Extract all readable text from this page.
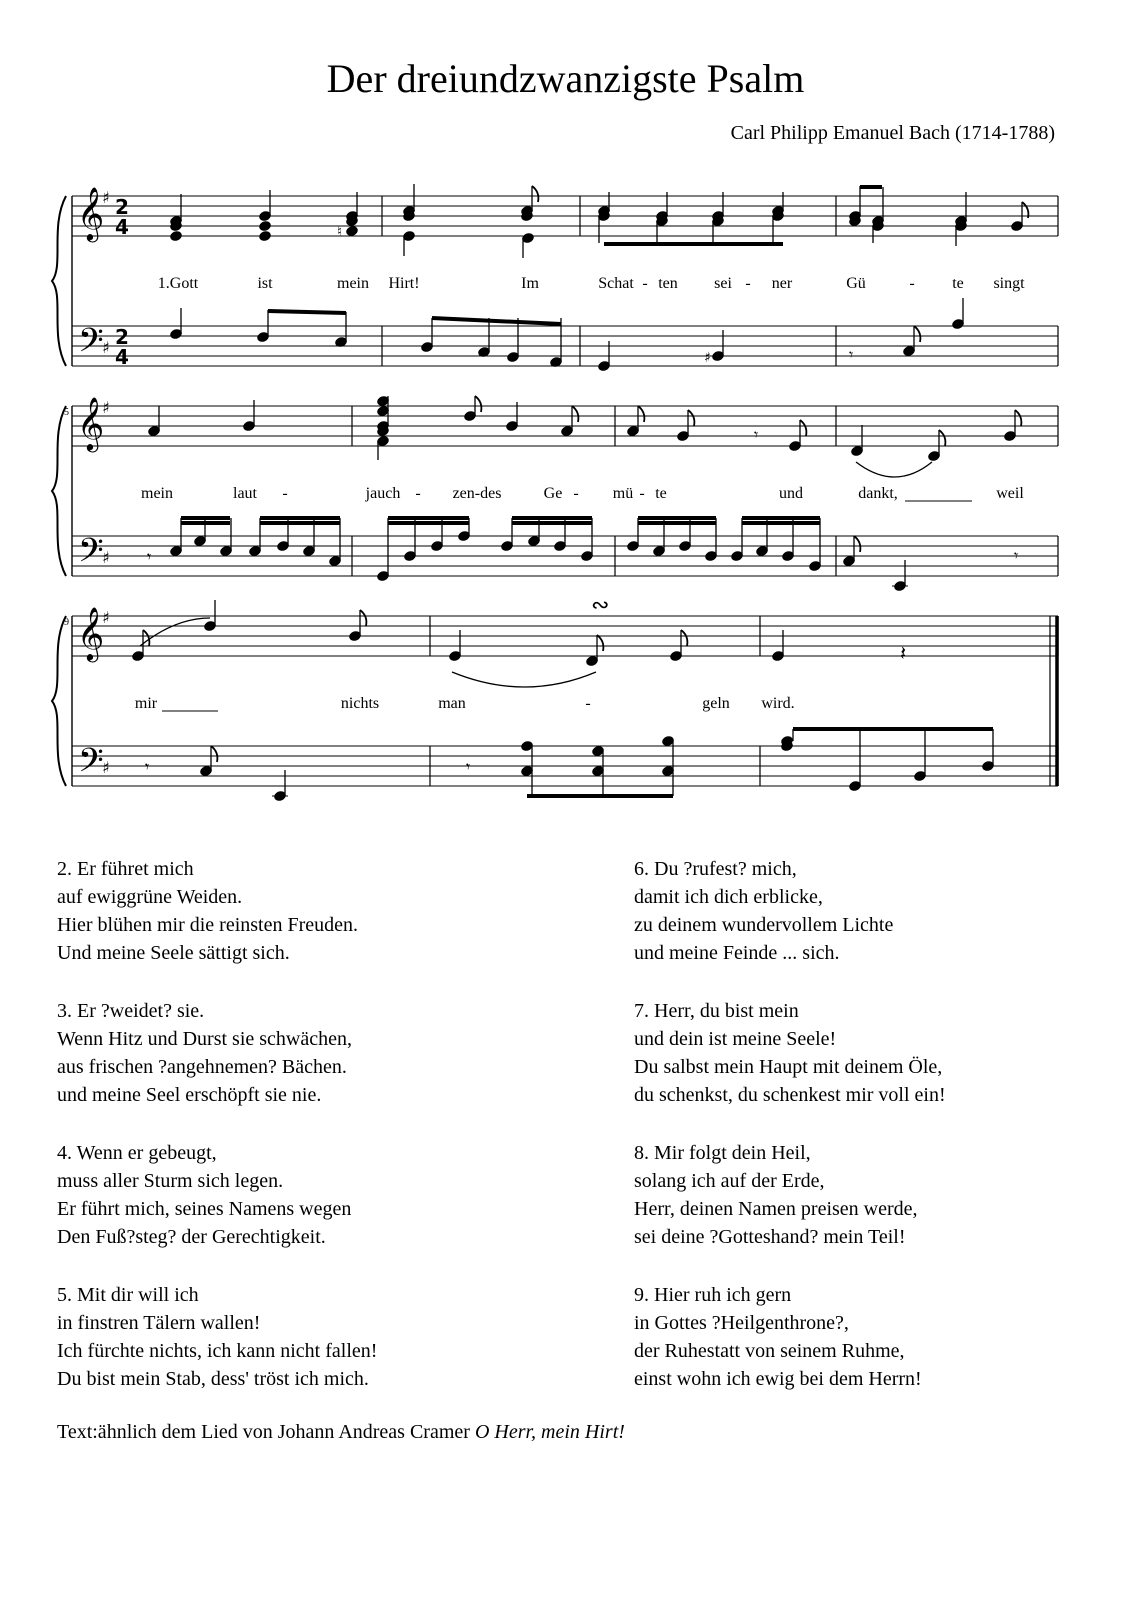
Der dreiundzwanzigste Psalm
Carl Philipp Emanuel Bach (1714-1788)
𝄞
𝄢
♯
♯
1.Gott	ist	mein Hirt!	Im	Schat - ten sei - ner	Gü	- te singt
𝄞
𝄢
♯
♯
mein	laut -	jauch - zen-des	Ge - mü - te	und	dankt,	weil
𝄞
𝄢
♯
♯
mir	nichts	man	-	geln wird.
2
4
2
4
5
9
♮
♯	𝄾
𝄾
𝄾	𝄾
∾
𝄽
𝄾	𝄾
2. Er führet mich
auf ewiggrüne Weiden.
Hier blühen mir die reinsten Freuden.
Und meine Seele sättigt sich.
3. Er ?weidet? sie.
Wenn Hitz und Durst sie schwächen,
aus frischen ?angehnemen? Bächen.
und meine Seel erschöpft sie nie.
4. Wenn er gebeugt,
muss aller Sturm sich legen.
Er führt mich, seines Namens wegen
Den Fuß?steg? der Gerechtigkeit.
5. Mit dir will ich
in finstren Tälern wallen!
Ich fürchte nichts, ich kann nicht fallen!
Du bist mein Stab, dess' tröst ich mich.
6. Du ?rufest? mich,
damit ich dich erblicke,
zu deinem wundervollem Lichte
und meine Feinde ... sich.
7. Herr, du bist mein
und dein ist meine Seele!
Du salbst mein Haupt mit deinem Öle,
du schenkst, du schenkest mir voll ein!
8. Mir folgt dein Heil,
solang ich auf der Erde,
Herr, deinen Namen preisen werde,
sei deine ?Gotteshand? mein Teil!
9. Hier ruh ich gern
in Gottes ?Heilgenthrone?,
der Ruhestatt von seinem Ruhme,
einst wohn ich ewig bei dem Herrn!
Text:ähnlich dem Lied von Johann Andreas Cramer O Herr, mein Hirt!
